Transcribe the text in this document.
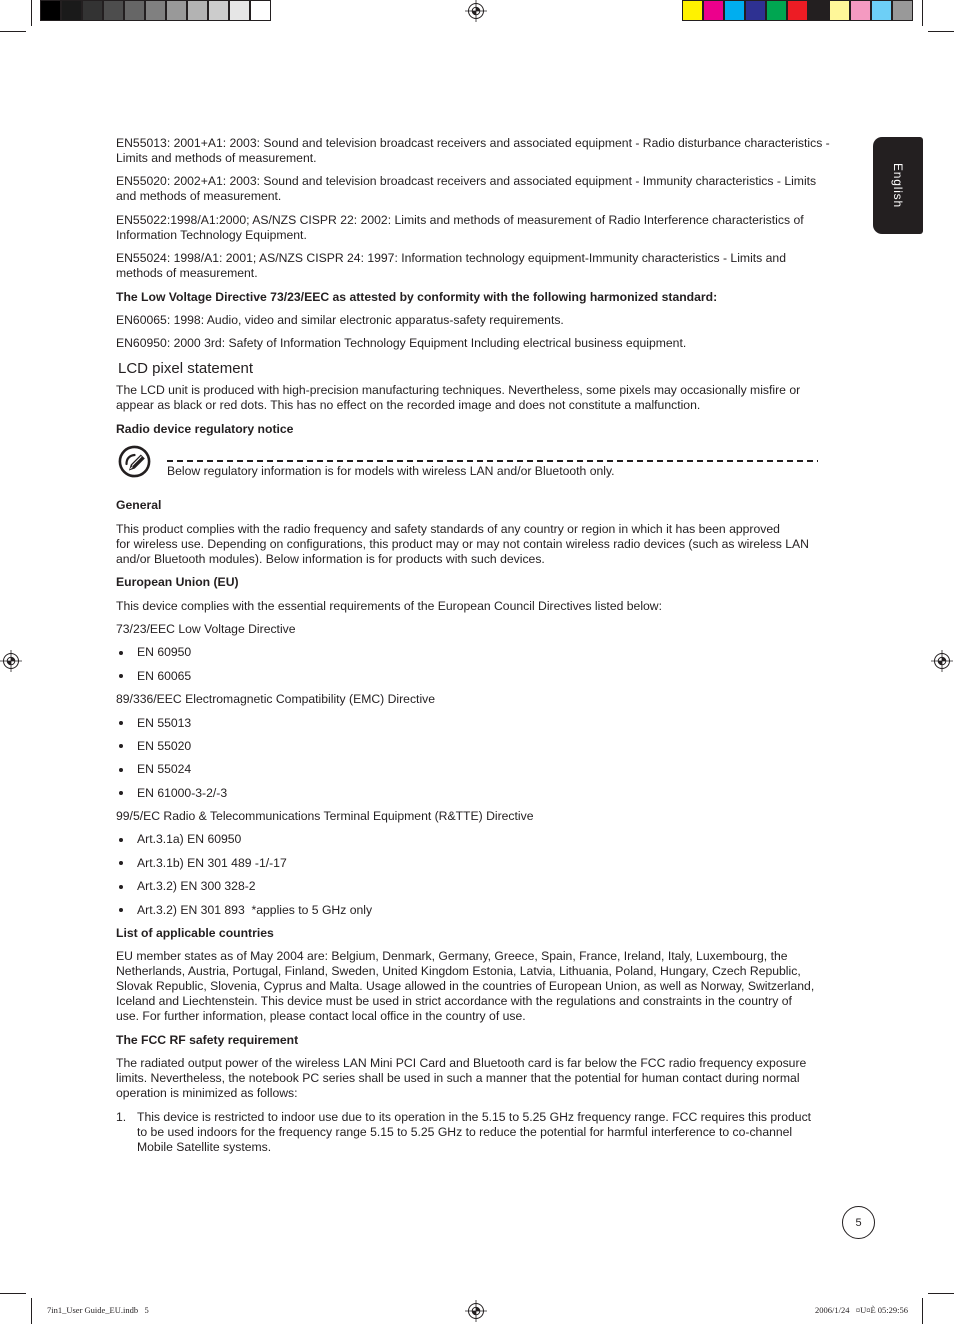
English

EN55013: 2001+A1: 2003: Sound and television broadcast receivers and associated equipment - Radio disturbance characteristics -
Limits and methods of measurement.

EN55020: 2002+A1: 2003: Sound and television broadcast receivers and associated equipment - Immunity characteristics - Limits
and methods of measurement.

EN55022:1998/A1:2000; AS/NZS CISPR 22: 2002: Limits and methods of measurement of Radio Interference characteristics of
Information Technology Equipment.

EN55024: 1998/A1: 2001; AS/NZS CISPR 24: 1997: Information technology equipment-Immunity characteristics - Limits and
methods of measurement.

The Low Voltage Directive 73/23/EEC as attested by conformity with the following harmonized standard:

EN60065: 1998: Audio, video and similar electronic apparatus-safety requirements.

EN60950: 2000 3rd: Safety of Information Technology Equipment Including electrical business equipment.

LCD pixel statement

The LCD unit is produced with high-precision manufacturing techniques. Nevertheless, some pixels may occasionally misfire or
appear as black or red dots. This has no effect on the recorded image and does not constitute a malfunction.

Radio device regulatory notice

Below regulatory information is for models with wireless LAN and/or Bluetooth only.

General

This product complies with the radio frequency and safety standards of any country or region in which it has been approved
for wireless use. Depending on configurations, this product may or may not contain wireless radio devices (such as wireless LAN
and/or Bluetooth modules). Below information is for products with such devices.

European Union (EU)

This device complies with the essential requirements of the European Council Directives listed below:

73/23/EEC Low Voltage Directive

EN 60950
EN 60065

89/336/EEC Electromagnetic Compatibility (EMC) Directive

EN 55013
EN 55020
EN 55024
EN 61000-3-2/-3

99/5/EC Radio & Telecommunications Terminal Equipment (R&TTE) Directive

Art.3.1a) EN 60950
Art.3.1b) EN 301 489 -1/-17
Art.3.2) EN 300 328-2
Art.3.2) EN 301 893  *applies to 5 GHz only

List of applicable countries

EU member states as of May 2004 are: Belgium, Denmark, Germany, Greece, Spain, France, Ireland, Italy, Luxembourg, the
Netherlands, Austria, Portugal, Finland, Sweden, United Kingdom Estonia, Latvia, Lithuania, Poland, Hungary, Czech Republic,
Slovak Republic, Slovenia, Cyprus and Malta. Usage allowed in the countries of European Union, as well as Norway, Switzerland,
Iceland and Liechtenstein. This device must be used in strict accordance with the regulations and constraints in the country of
use. For further information, please contact local office in the country of use.

The FCC RF safety requirement

The radiated output power of the wireless LAN Mini PCI Card and Bluetooth card is far below the FCC radio frequency exposure
limits. Nevertheless, the notebook PC series shall be used in such a manner that the potential for human contact during normal
operation is minimized as follows:

1. This device is restricted to indoor use due to its operation in the 5.15 to 5.25 GHz frequency range. FCC requires this product
to be used indoors for the frequency range 5.15 to 5.25 GHz to reduce the potential for harmful interference to co-channel
Mobile Satellite systems.
5
7in1_User Guide_EU.indb   5	2006/1/24   ¤U¤È 05:29:56
